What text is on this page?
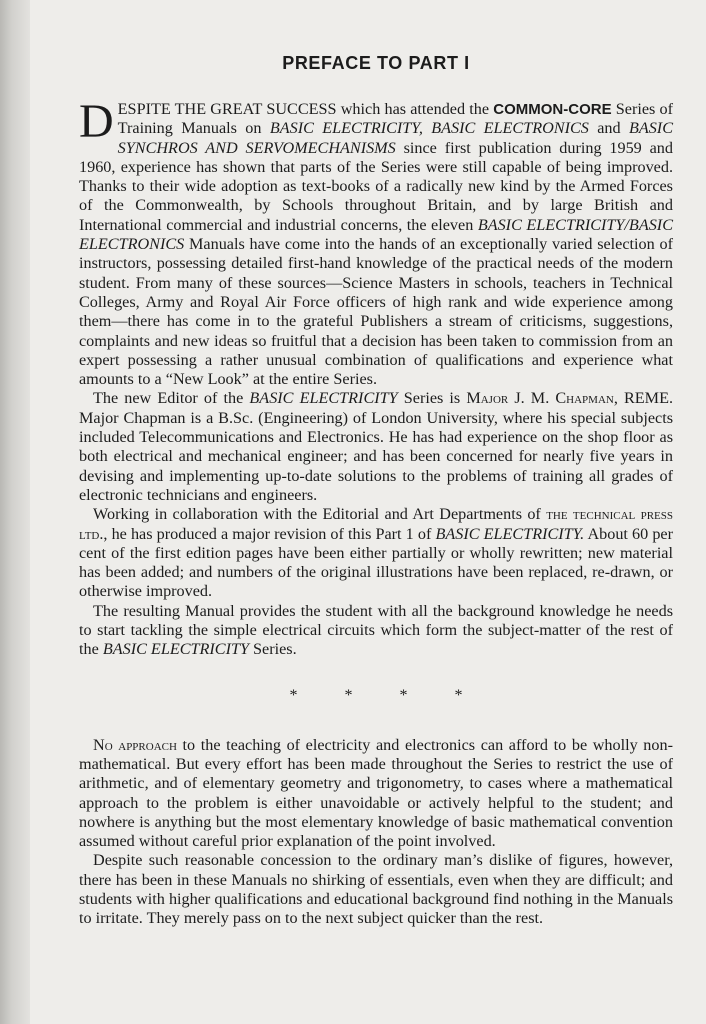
PREFACE TO PART I

DESPITE THE GREAT SUCCESS which has attended the COMMON-CORE Series of Training Manuals on BASIC ELECTRICITY, BASIC ELECTRONICS and BASIC SYNCHROS AND SERVOMECHANISMS since first publication during 1959 and 1960, experience has shown that parts of the Series were still capable of being improved. Thanks to their wide adoption as text-books of a radically new kind by the Armed Forces of the Commonwealth, by Schools throughout Britain, and by large British and International commercial and industrial concerns, the eleven BASIC ELECTRICITY/BASIC ELECTRONICS Manuals have come into the hands of an exceptionally varied selection of instructors, possessing detailed first-hand knowledge of the practical needs of the modern student. From many of these sources—Science Masters in schools, teachers in Technical Colleges, Army and Royal Air Force officers of high rank and wide experience among them—there has come in to the grateful Publishers a stream of criticisms, suggestions, complaints and new ideas so fruitful that a decision has been taken to commission from an expert possessing a rather unusual combination of qualifications and experience what amounts to a “New Look” at the entire Series.

The new Editor of the BASIC ELECTRICITY Series is Major J. M. Chapman, REME. Major Chapman is a B.Sc. (Engineering) of London University, where his special subjects included Telecommunications and Electronics. He has had experience on the shop floor as both electrical and mechanical engineer; and has been concerned for nearly five years in devising and implementing up-to-date solutions to the problems of training all grades of electronic technicians and engineers.

Working in collaboration with the Editorial and Art Departments of the technical press ltd., he has produced a major revision of this Part 1 of BASIC ELECTRICITY. About 60 per cent of the first edition pages have been either partially or wholly rewritten; new material has been added; and numbers of the original illustrations have been replaced, re-drawn, or otherwise improved.

The resulting Manual provides the student with all the background knowledge he needs to start tackling the simple electrical circuits which form the subject-matter of the rest of the BASIC ELECTRICITY Series.

*	*	*	*

No approach to the teaching of electricity and electronics can afford to be wholly non-mathematical. But every effort has been made throughout the Series to restrict the use of arithmetic, and of elementary geometry and trigonometry, to cases where a mathematical approach to the problem is either unavoidable or actively helpful to the student; and nowhere is anything but the most elementary knowledge of basic mathematical convention assumed without careful prior explanation of the point involved.

Despite such reasonable concession to the ordinary man’s dislike of figures, however, there has been in these Manuals no shirking of essentials, even when they are difficult; and students with higher qualifications and educational background find nothing in the Manuals to irritate. They merely pass on to the next subject quicker than the rest.
